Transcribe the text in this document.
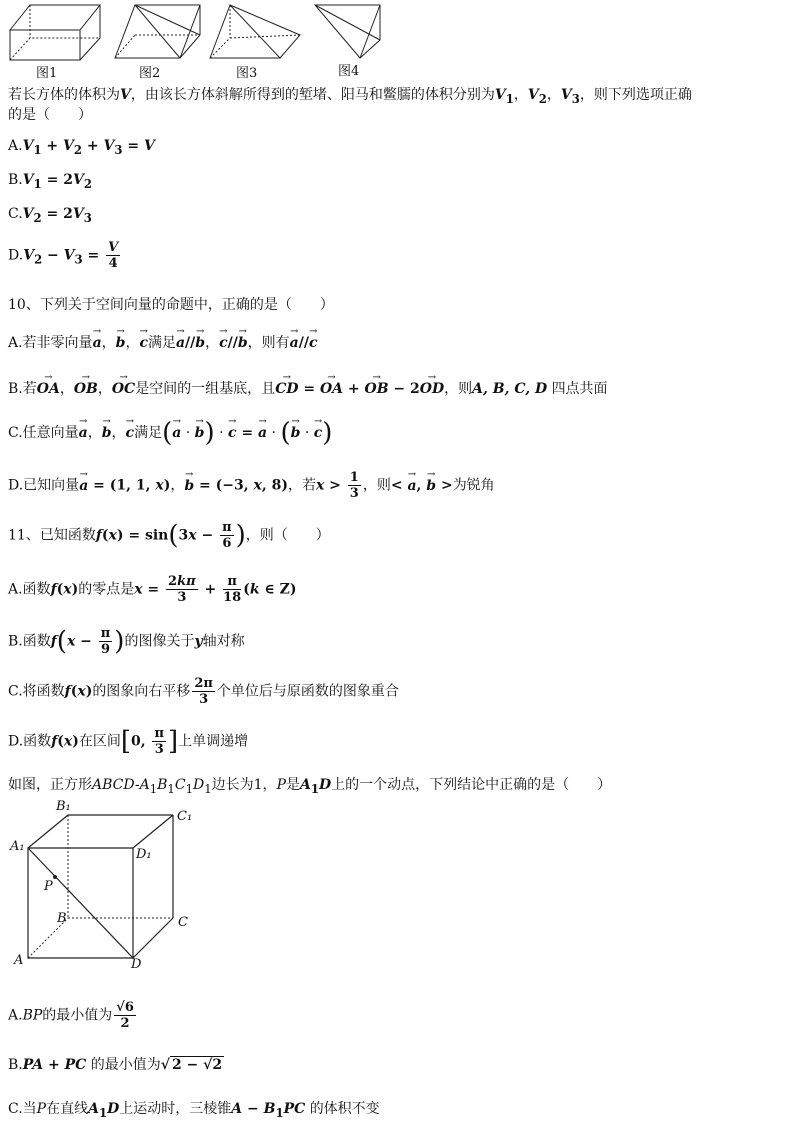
图1	图2	图3	图4
若长方体的体积为V，由该长方体斜解所得到的堑堵、阳马和鳖臑的体积分别为$V_1$，$V_2$，$V_3$，则下列选项正确
的是（　　）
$A.V_1 + V_2 + V_3 = V$
$B.V_1 = 2V_2$
$C.V_2 = 2V_3$
$D.V_2 - V_3 = \frac{V}{4}$
10、下列关于空间向量的命题中，正确的是（　　）
A.若非零向量→ a，→ b，→ c满足→ a//→ b，→ c//→ b，则有→ a//→ c
B.若→ OA，→ OB，→ OC是空间的一组基底，且→ CD = → OA + → OB − 2→ OD，则A, B, C, D 四点共面
C.任意向量→ a，→ b，→ c满足(→ a · → b) · → c = → a · (→ b · → c)
D.已知向量→ a = (1, 1, x)，→ b = (−3, x, 8)，若$x > \frac{1}{3}$ ，则< → a, → b >为锐角
11、已知函数$f(x) = \sin(3x - \frac{\pi}{6}$ )，则（　　）
A.函数f(x)的零点是$x = \frac{2k\pi}{3} + \frac{\pi}{18} (k$ ∈ Z)
B.函数$f(x - \frac{\pi}{9}$ )的图像关于y轴对称
C.将函数f(x)的图象向右平移 $\frac{2\pi}{3}$ 个单位后与原函数的图象重合
D.函数f(x)在区间[0, $\frac{\pi}{3}$ ]上单调递增
如图，正方形ABCD-$A_1B_1C_1D_1$边长为1，P是$A_1D$上的一个动点，下列结论中正确的是（　　）
B₁
C₁
A₁
D₁
P
B	C
A	D
A.BP的最小值为 $\frac{√6}{2}$
B.PA + PC 的最小值为√ 2 − √2
C.当P在直线$A_1D$上运动时，三棱锥$A - B_1PC$ 的体积不变
